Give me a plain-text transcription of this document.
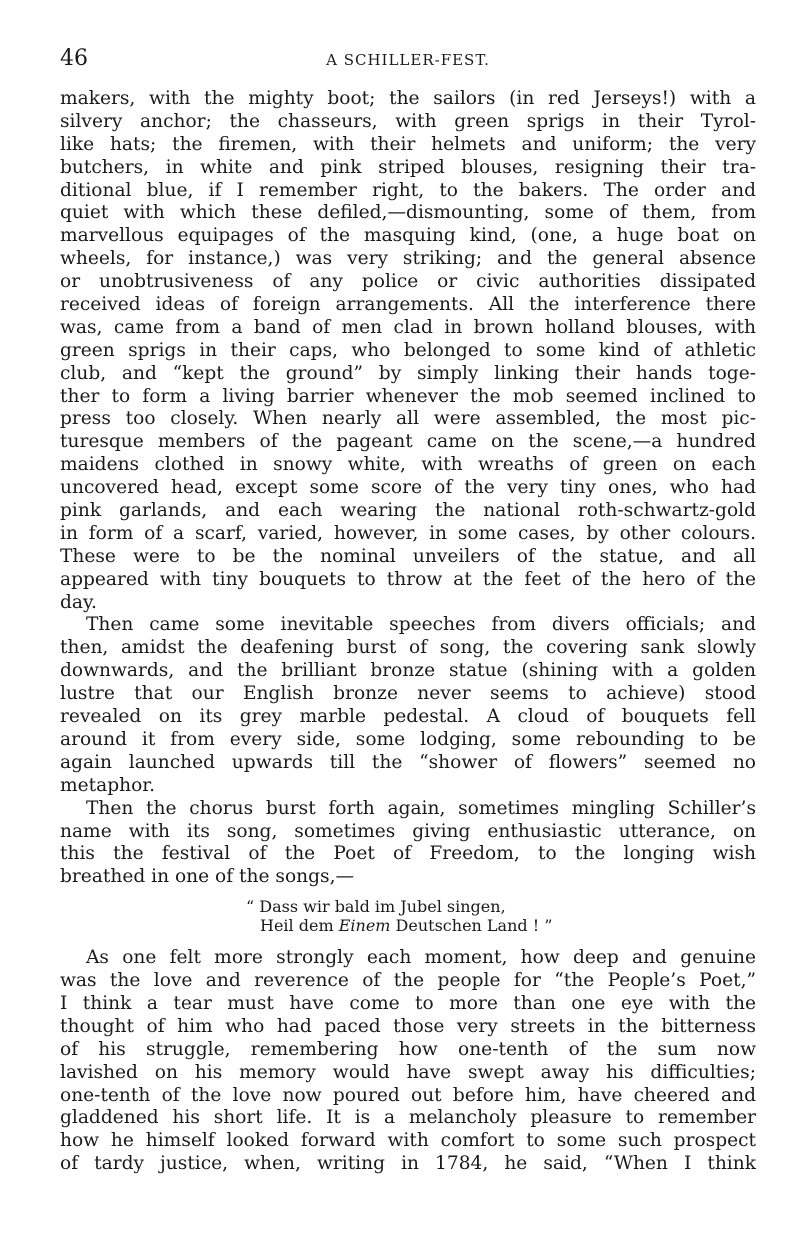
46	A SCHILLER-FEST.
makers, with the mighty boot; the sailors (in red Jerseys!) with a
silvery anchor; the chasseurs, with green sprigs in their Tyrol-
like hats; the firemen, with their helmets and uniform; the very
butchers, in white and pink striped blouses, resigning their tra-
ditional blue, if I remember right, to the bakers. The order and
quiet with which these defiled,—dismounting, some of them, from
marvellous equipages of the masquing kind, (one, a huge boat on
wheels, for instance,) was very striking; and the general absence
or unobtrusiveness of any police or civic authorities dissipated
received ideas of foreign arrangements. All the interference there
was, came from a band of men clad in brown holland blouses, with
green sprigs in their caps, who belonged to some kind of athletic
club, and “kept the ground” by simply linking their hands toge-
ther to form a living barrier whenever the mob seemed inclined to
press too closely. When nearly all were assembled, the most pic-
turesque members of the pageant came on the scene,—a hundred
maidens clothed in snowy white, with wreaths of green on each
uncovered head, except some score of the very tiny ones, who had
pink garlands, and each wearing the national roth-schwartz-gold
in form of a scarf, varied, however, in some cases, by other colours.
These were to be the nominal unveilers of the statue, and all
appeared with tiny bouquets to throw at the feet of the hero of the
day.
Then came some inevitable speeches from divers officials; and
then, amidst the deafening burst of song, the covering sank slowly
downwards, and the brilliant bronze statue (shining with a golden
lustre that our English bronze never seems to achieve) stood
revealed on its grey marble pedestal. A cloud of bouquets fell
around it from every side, some lodging, some rebounding to be
again launched upwards till the “shower of flowers” seemed no
metaphor.
Then the chorus burst forth again, sometimes mingling Schiller’s
name with its song, sometimes giving enthusiastic utterance, on
this the festival of the Poet of Freedom, to the longing wish
breathed in one of the songs,—
“ Dass wir bald im Jubel singen,
Heil dem Einem Deutschen Land ! ”
As one felt more strongly each moment, how deep and genuine
was the love and reverence of the people for “the People’s Poet,”
I think a tear must have come to more than one eye with the
thought of him who had paced those very streets in the bitterness
of his struggle, remembering how one-tenth of the sum now
lavished on his memory would have swept away his difficulties;
one-tenth of the love now poured out before him, have cheered and
gladdened his short life. It is a melancholy pleasure to remember
how he himself looked forward with comfort to some such prospect
of tardy justice, when, writing in 1784, he said, “When I think
